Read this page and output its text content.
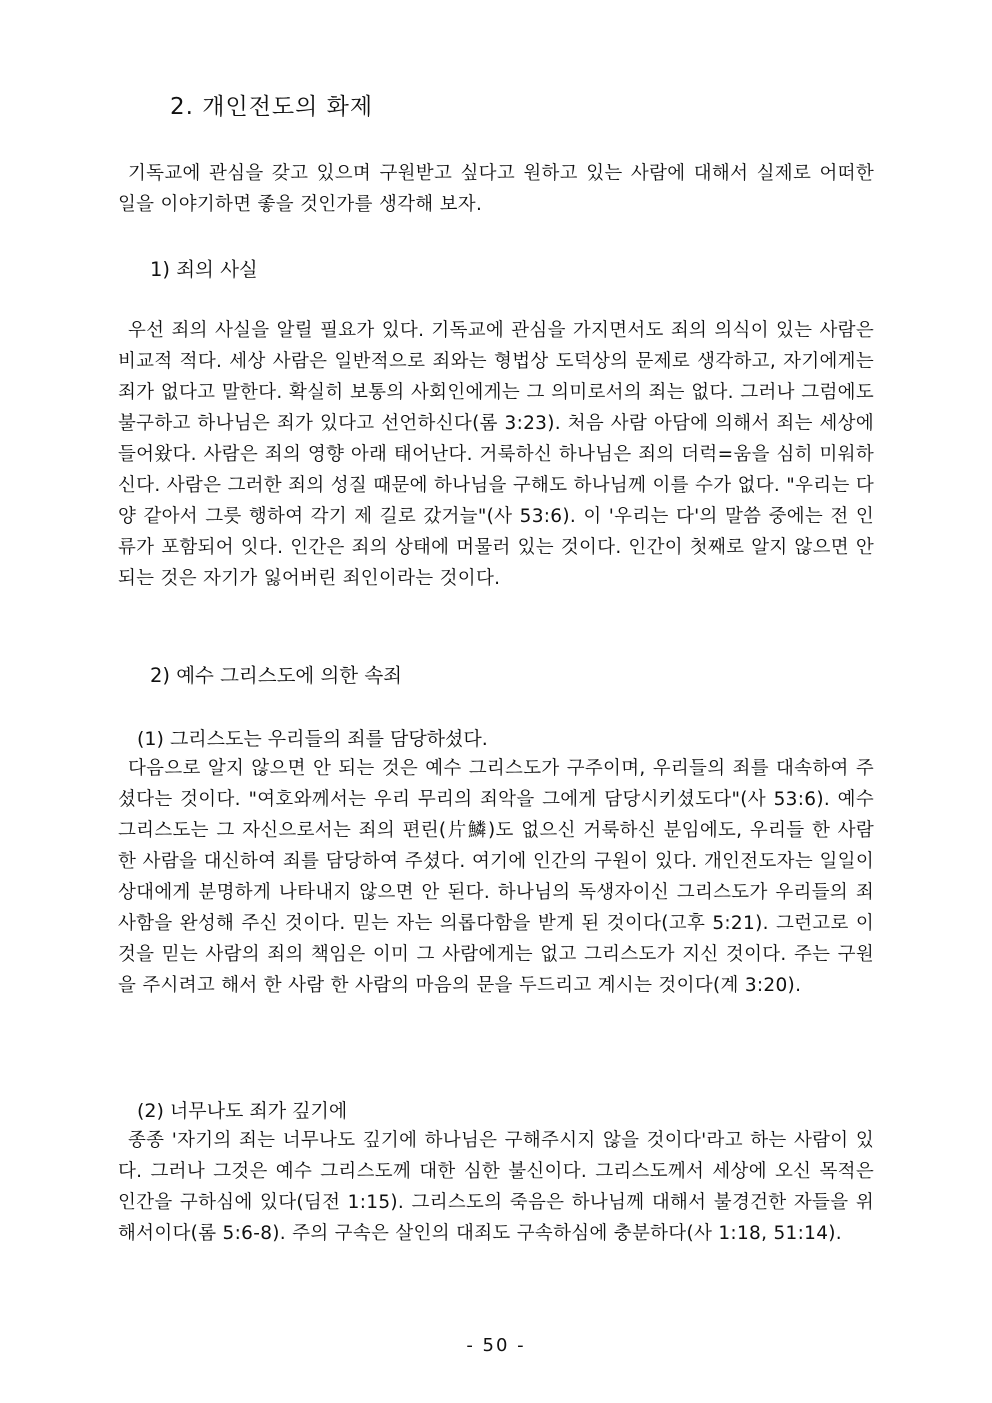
2. 개인전도의 화제

기독교에 관심을 갖고 있으며 구원받고 싶다고 원하고 있는 사람에 대해서 실제로 어떠한 일을 이야기하면 좋을 것인가를 생각해 보자.

1) 죄의 사실

우선 죄의 사실을 알릴 필요가 있다. 기독교에 관심을 가지면서도 죄의 의식이 있는 사람은 비교적 적다. 세상 사람은 일반적으로 죄와는 형법상 도덕상의 문제로 생각하고, 자기에게는 죄가 없다고 말한다. 확실히 보통의 사회인에게는 그 의미로서의 죄는 없다. 그러나 그럼에도 불구하고 하나님은 죄가 있다고 선언하신다(롬 3:23). 처음 사람 아담에 의해서 죄는 세상에 들어왔다. 사람은 죄의 영향 아래 태어난다. 거룩하신 하나님은 죄의 더럭=움을 심히 미워하신다. 사람은 그러한 죄의 성질 때문에 하나님을 구해도 하나님께 이를 수가 없다. "우리는 다 양 같아서 그릇 행하여 각기 제 길로 갔거늘"(사 53:6). 이 '우리는 다'의 말씀 중에는 전 인류가 포함되어 잇다. 인간은 죄의 상태에 머물러 있는 것이다. 인간이 첫째로 알지 않으면 안 되는 것은 자기가 잃어버린 죄인이라는 것이다.

2) 예수 그리스도에 의한 속죄
(1) 그리스도는 우리들의 죄를 담당하셨다.

다음으로 알지 않으면 안 되는 것은 예수 그리스도가 구주이며, 우리들의 죄를 대속하여 주셨다는 것이다. "여호와께서는 우리 무리의 죄악을 그에게 담당시키셨도다"(사 53:6). 예수 그리스도는 그 자신으로서는 죄의 편린(片鱗)도 없으신 거룩하신 분임에도, 우리들 한 사람 한 사람을 대신하여 죄를 담당하여 주셨다. 여기에 인간의 구원이 있다. 개인전도자는 일일이 상대에게 분명하게 나타내지 않으면 안 된다. 하나님의 독생자이신 그리스도가 우리들의 죄 사함을 완성해 주신 것이다. 믿는 자는 의롭다함을 받게 된 것이다(고후 5:21). 그런고로 이것을 믿는 사람의 죄의 책임은 이미 그 사람에게는 없고 그리스도가 지신 것이다. 주는 구원을 주시려고 해서 한 사람 한 사람의 마음의 문을 두드리고 계시는 것이다(계 3:20).

(2) 너무나도 죄가 깊기에

종종 '자기의 죄는 너무나도 깊기에 하나님은 구해주시지 않을 것이다'라고 하는 사람이 있다. 그러나 그것은 예수 그리스도께 대한 심한 불신이다. 그리스도께서 세상에 오신 목적은 인간을 구하심에 있다(딤전 1:15). 그리스도의 죽음은 하나님께 대해서 불경건한 자들을 위해서이다(롬 5:6-8). 주의 구속은 살인의 대죄도 구속하심에 충분하다(사 1:18, 51:14).

- 50 -
